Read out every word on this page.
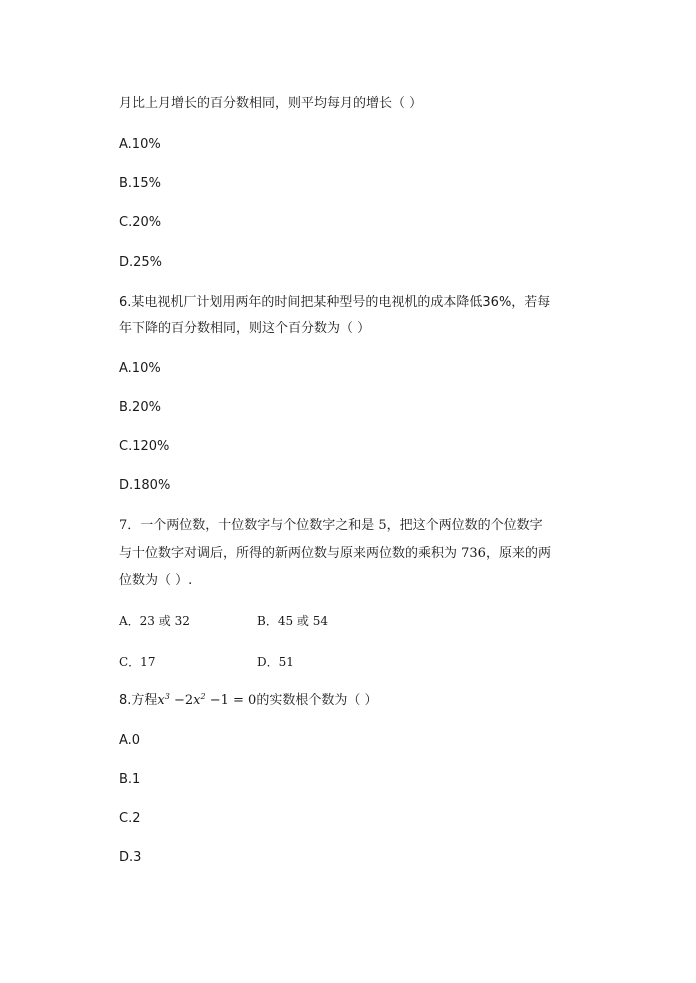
月比上月增长的百分数相同，则平均每月的增长（ ）
A.10%
B.15%
C.20%
D.25%
6.某电视机厂计划用两年的时间把某种型号的电视机的成本降低36%，若每
年下降的百分数相同，则这个百分数为（ ）
A.10%
B.20%
C.120%
D.180%
7．一个两位数，十位数字与个位数字之和是 5，把这个两位数的个位数字
与十位数字对调后，所得的新两位数与原来两位数的乘积为 736，原来的两
位数为（ ）.
A．23 或 32	B．45 或 54
C．17	D．51
8.方程$x^3 -2x^2 -1 = 0$的实数根个数为（ ）
A.0
B.1
C.2
D.3
